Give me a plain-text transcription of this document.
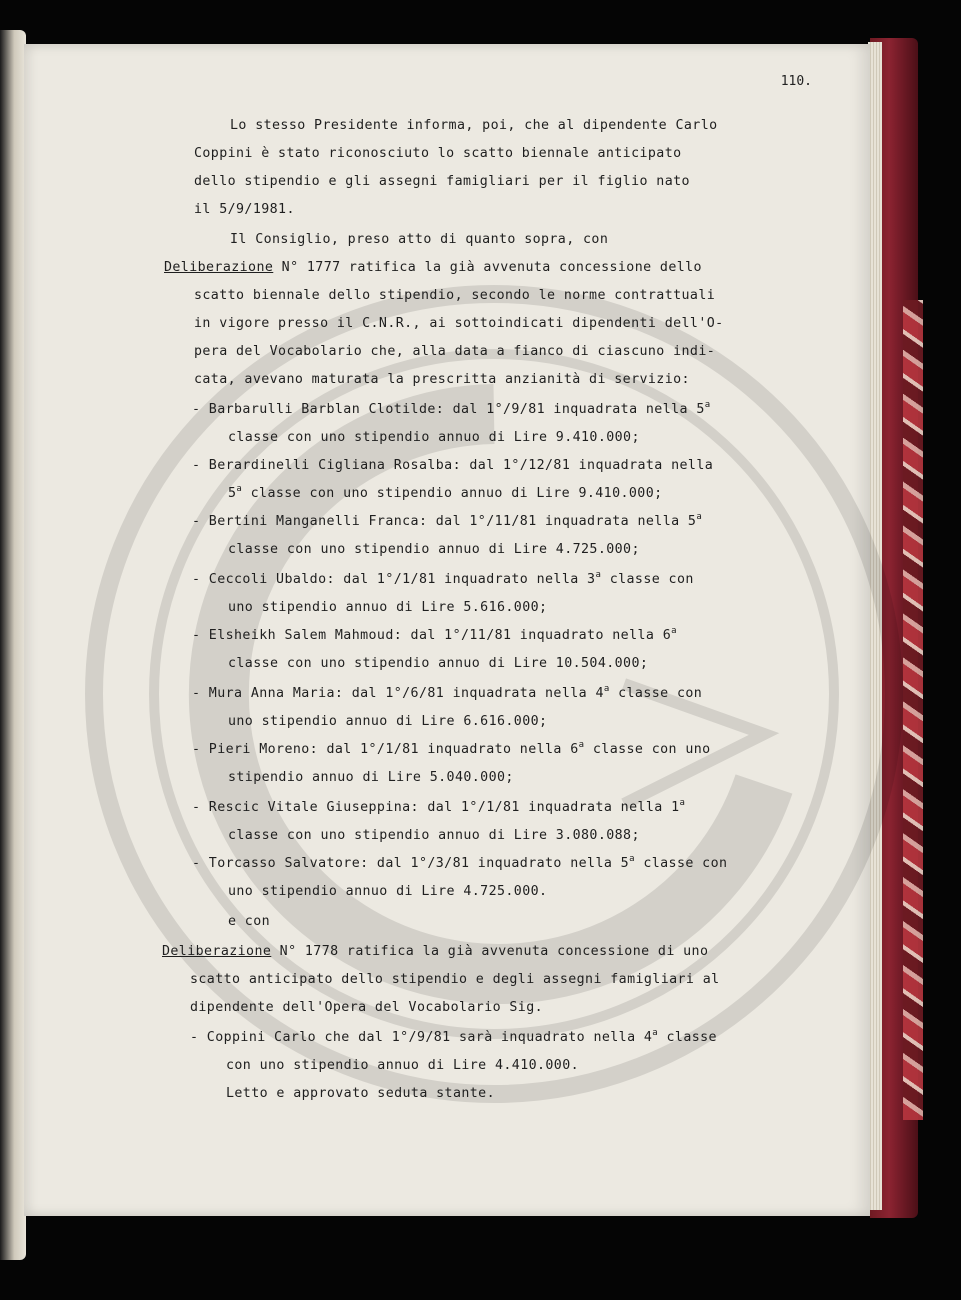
110.
Lo stesso Presidente informa, poi, che al dipendente Carlo
Coppini è stato riconosciuto lo scatto biennale anticipato
dello stipendio e gli assegni famigliari per il figlio nato
il 5/9/1981.
Il Consiglio, preso atto di quanto sopra, con
Deliberazione N° 1777 ratifica la già avvenuta concessione dello
scatto biennale dello stipendio, secondo le norme contrattuali
in vigore presso il C.N.R., ai sottoindicati dipendenti dell'O-
pera del Vocabolario che, alla data a fianco di ciascuno indi-
cata, avevano maturata la prescritta anzianità di servizio:
- Barbarulli Barblan Clotilde: dal 1°/9/81 inquadrata nella 5$^a$
classe con uno stipendio annuo di Lire 9.410.000;
- Berardinelli Cigliana Rosalba: dal 1°/12/81 inquadrata nella
5$^a$ classe con uno stipendio annuo di Lire 9.410.000;
- Bertini Manganelli Franca: dal 1°/11/81 inquadrata nella 5$^a$
classe con uno stipendio annuo di Lire 4.725.000;
- Ceccoli Ubaldo: dal 1°/1/81 inquadrato nella 3$^a$ classe con
uno stipendio annuo di Lire 5.616.000;
- Elsheikh Salem Mahmoud: dal 1°/11/81 inquadrato nella 6$^a$
classe con uno stipendio annuo di Lire 10.504.000;
- Mura Anna Maria: dal 1°/6/81 inquadrata nella 4$^a$ classe con
uno stipendio annuo di Lire 6.616.000;
- Pieri Moreno: dal 1°/1/81 inquadrato nella 6$^a$ classe con uno
stipendio annuo di Lire 5.040.000;
- Rescic Vitale Giuseppina: dal 1°/1/81 inquadrata nella 1$^a$
classe con uno stipendio annuo di Lire 3.080.088;
- Torcasso Salvatore: dal 1°/3/81 inquadrato nella 5$^a$ classe con
uno stipendio annuo di Lire 4.725.000.
e con
Deliberazione N° 1778 ratifica la già avvenuta concessione di uno
scatto anticipato dello stipendio e degli assegni famigliari al
dipendente dell'Opera del Vocabolario Sig.
- Coppini Carlo che dal 1°/9/81 sarà inquadrato nella 4$^a$ classe
con uno stipendio annuo di Lire 4.410.000.
Letto e approvato seduta stante.
